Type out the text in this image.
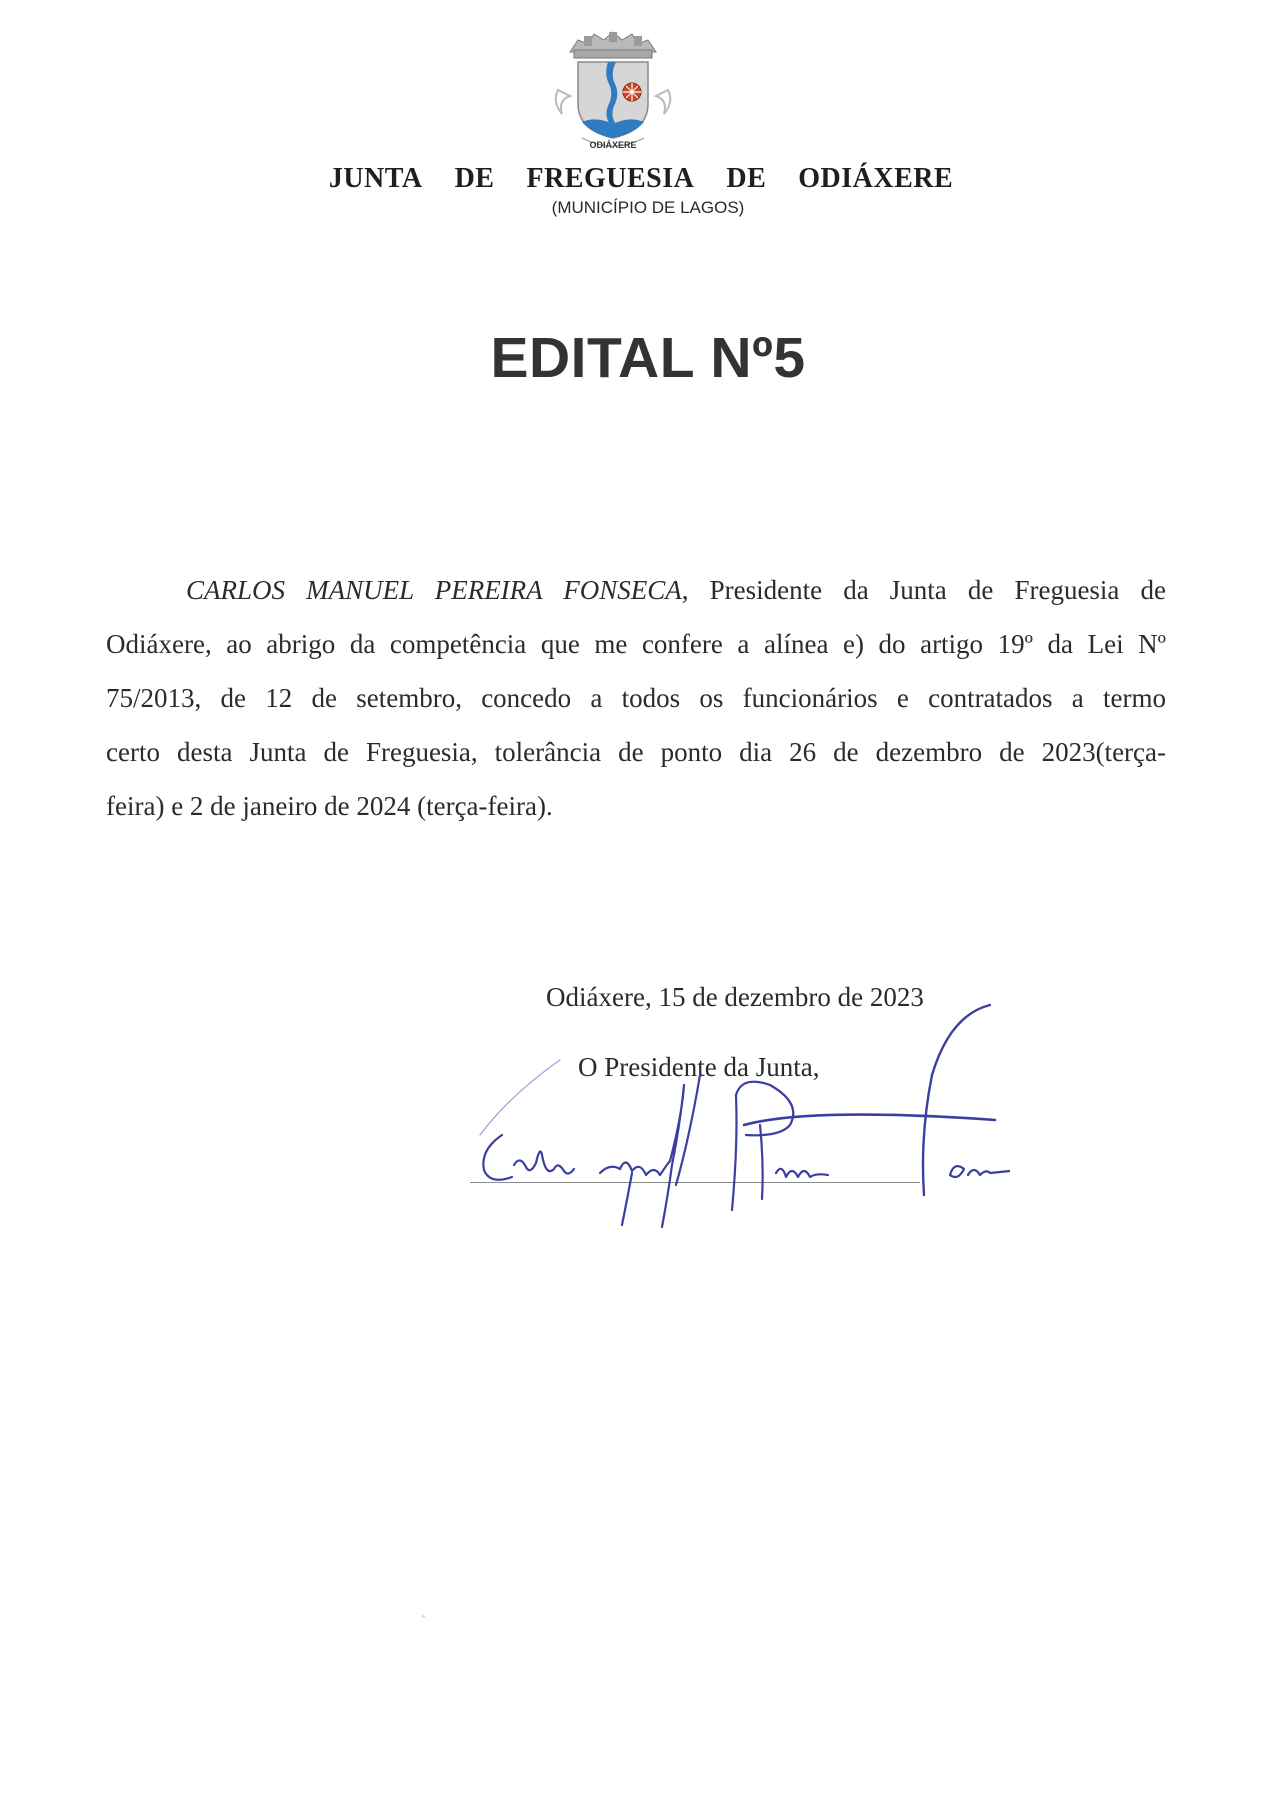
ODIÁXERE
JUNTA DE FREGUESIA DE ODIÁXERE
(MUNICÍPIO DE LAGOS)
EDITAL Nº5
CARLOS MANUEL PEREIRA FONSECA, Presidente da Junta de Freguesia de
Odiáxere, ao abrigo da competência que me confere a alínea e) do artigo 19º da Lei Nº
75/2013, de 12 de setembro, concedo a todos os funcionários e contratados a termo
certo desta Junta de Freguesia, tolerância de ponto dia 26 de dezembro de 2023(terça-
feira) e 2 de janeiro de 2024 (terça-feira).
Odiáxere, 15 de dezembro de 2023
O Presidente da Junta,
